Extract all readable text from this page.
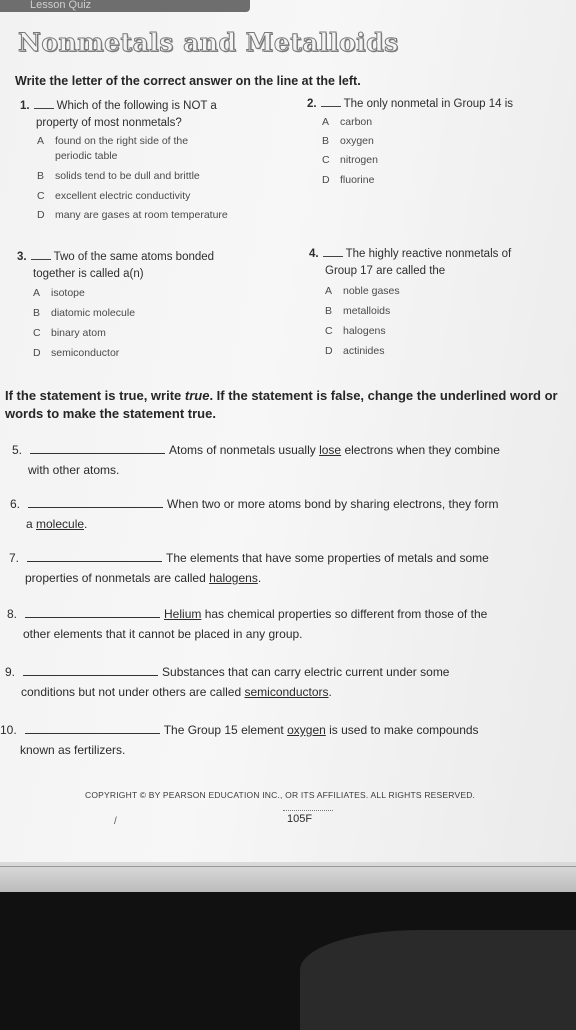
Lesson Quiz
Nonmetals and Metalloids
Write the letter of the correct answer on the line at the left.
1. Which of the following is NOT a
property of most nonmetals?
A found on the right side of the
periodic table
B solids tend to be dull and brittle
C excellent electric conductivity
D many are gases at room temperature
2. The only nonmetal in Group 14 is
A carbon
B oxygen
C nitrogen
D fluorine
3. Two of the same atoms bonded
together is called a(n)
A isotope
B diatomic molecule
C binary atom
D semiconductor
4. The highly reactive nonmetals of
Group 17 are called the
A noble gases
B metalloids
C halogens
D actinides
If the statement is true, write true. If the statement is false, change the underlined word or words to make the statement true.
5.	Atoms of nonmetals usually lose electrons when they combine
with other atoms.
6.	When two or more atoms bond by sharing electrons, they form
a molecule.
7.	The elements that have some properties of metals and some
properties of nonmetals are called halogens.
8.	Helium has chemical properties so different from those of the
other elements that it cannot be placed in any group.
9.	Substances that can carry electric current under some
conditions but not under others are called semiconductors.
10.	The Group 15 element oxygen is used to make compounds
known as fertilizers.
COPYRIGHT © BY PEARSON EDUCATION INC., OR ITS AFFILIATES. ALL RIGHTS RESERVED.
/	105F
